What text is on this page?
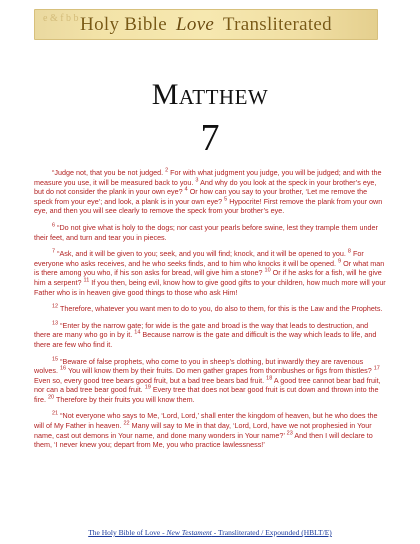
e & f b b Holy Bible Love Transliterated
Matthew
7

“Judge not, that you be not judged. $^2$ For with what judgment you judge, you will be judged; and with the measure you use, it will be measured back to you. $^3$ And why do you look at the speck in your brother’s eye, but do not consider the plank in your own eye? $^4$ Or how can you say to your brother, ‘Let me remove the speck from your eye’; and look, a plank is in your own eye? $^5$ Hypocrite! First remove the plank from your own eye, and then you will see clearly to remove the speck from your brother’s eye.

$^6$ “Do not give what is holy to the dogs; nor cast your pearls before swine, lest they trample them under their feet, and turn and tear you in pieces.

$^7$ “Ask, and it will be given to you; seek, and you will find; knock, and it will be opened to you. $^8$ For everyone who asks receives, and he who seeks finds, and to him who knocks it will be opened. $^9$ Or what man is there among you who, if his son asks for bread, will give him a stone? $^{10}$ Or if he asks for a fish, will he give him a serpent? $^{11}$ If you then, being evil, know how to give good gifts to your children, how much more will your Father who is in heaven give good things to those who ask Him!

$^{12}$ Therefore, whatever you want men to do to you, do also to them, for this is the Law and the Prophets.

$^{13}$ “Enter by the narrow gate; for wide is the gate and broad is the way that leads to destruction, and there are many who go in by it. $^{14}$ Because narrow is the gate and difficult is the way which leads to life, and there are few who find it.

$^{15}$ “Beware of false prophets, who come to you in sheep’s clothing, but inwardly they are ravenous wolves. $^{16}$ You will know them by their fruits. Do men gather grapes from thornbushes or figs from thistles? $^{17}$ Even so, every good tree bears good fruit, but a bad tree bears bad fruit. $^{18}$ A good tree cannot bear bad fruit, nor can a bad tree bear good fruit. $^{19}$ Every tree that does not bear good fruit is cut down and thrown into the fire. $^{20}$ Therefore by their fruits you will know them.

$^{21}$ “Not everyone who says to Me, ‘Lord, Lord,’ shall enter the kingdom of heaven, but he who does the will of My Father in heaven. $^{22}$ Many will say to Me in that day, ‘Lord, Lord, have we not prophesied in Your name, cast out demons in Your name, and done many wonders in Your name?’ $^{23}$ And then I will declare to them, ‘I never knew you; depart from Me, you who practice lawlessness!’

The Holy Bible of Love - New Testament - Transliterated / Expounded (HBLT/E)
